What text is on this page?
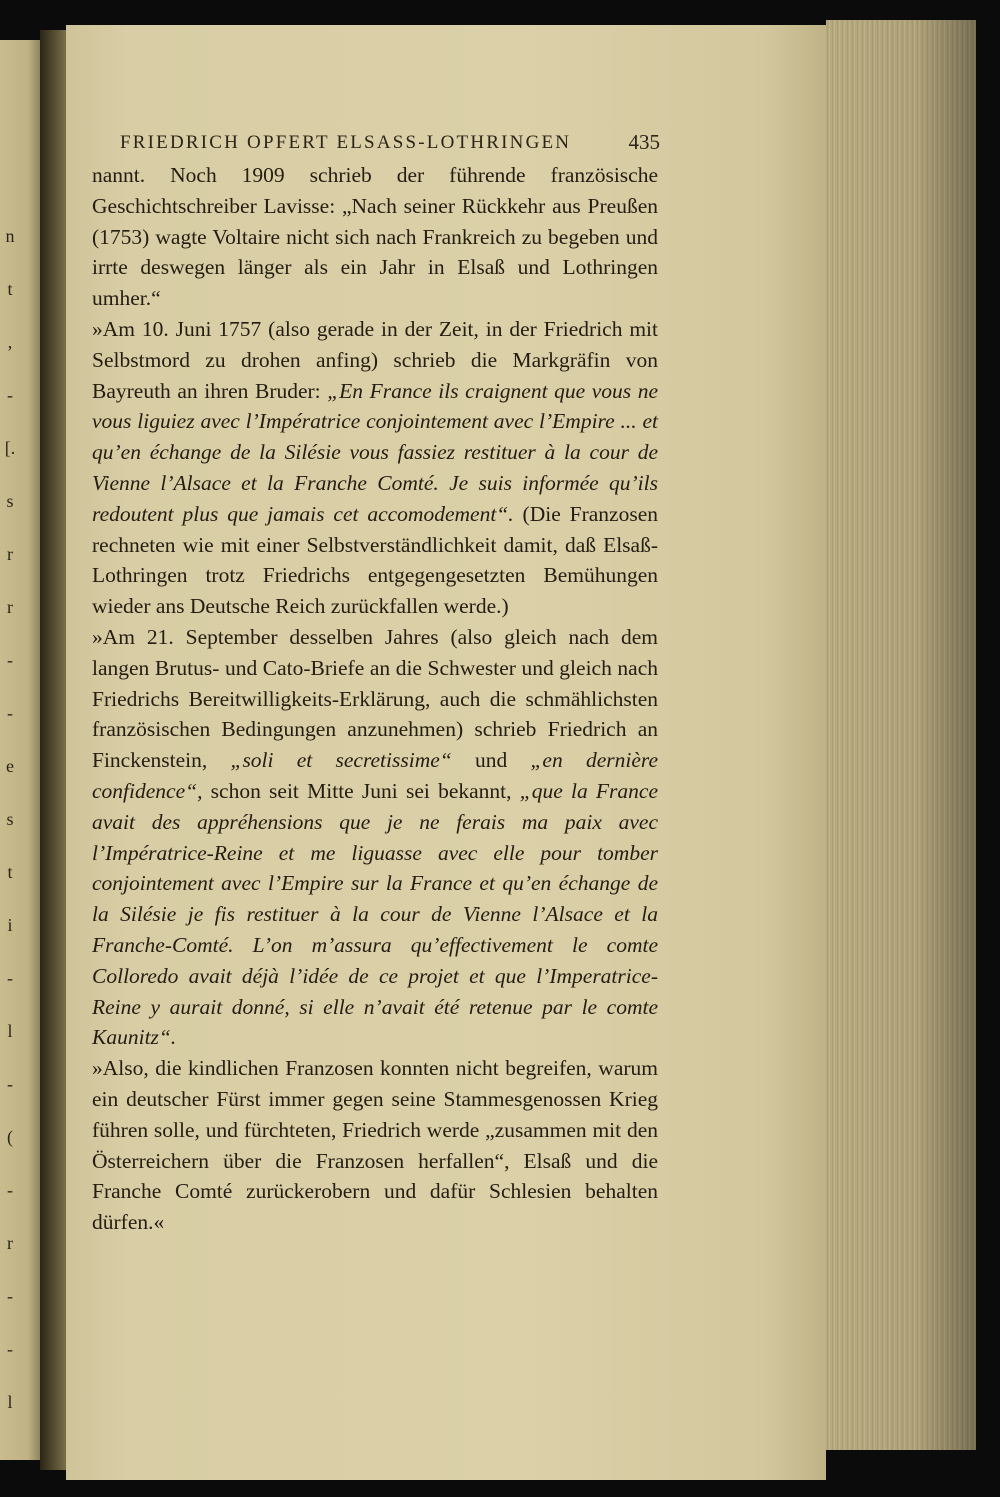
n
t
,
-
[.
s
r
r
-
-
e
s
t
i
-
l
-
(
-
r
-
-
l
FRIEDRICH OPFERT ELSASS-LOTHRINGEN	435

nannt. Noch 1909 schrieb der führende französische Geschichtschreiber Lavisse: „Nach seiner Rückkehr aus Preußen (1753) wagte Voltaire nicht sich nach Frankreich zu begeben und irrte deswegen länger als ein Jahr in Elsaß und Lothringen umher.“

»Am 10. Juni 1757 (also gerade in der Zeit, in der Friedrich mit Selbstmord zu drohen anfing) schrieb die Markgräfin von Bayreuth an ihren Bruder: „En France ils craignent que vous ne vous liguiez avec l’Impératrice conjointement avec l’Empire ... et qu’en échange de la Silésie vous fassiez restituer à la cour de Vienne l’Alsace et la Franche Comté. Je suis informée qu’ils redoutent plus que jamais cet accomodement“. (Die Franzosen rechneten wie mit einer Selbstverständlichkeit damit, daß Elsaß-Lothringen trotz Friedrichs entgegengesetzten Bemühungen wieder ans Deutsche Reich zurückfallen werde.)

»Am 21. September desselben Jahres (also gleich nach dem langen Brutus- und Cato-Briefe an die Schwester und gleich nach Friedrichs Bereitwilligkeits-Erklärung, auch die schmählichsten französischen Bedingungen anzunehmen) schrieb Friedrich an Finckenstein, „soli et secretissime“ und „en dernière confidence“, schon seit Mitte Juni sei bekannt, „que la France avait des appréhensions que je ne ferais ma paix avec l’Impératrice-Reine et me liguasse avec elle pour tomber conjointement avec l’Empire sur la France et qu’en échange de la Silésie je fis restituer à la cour de Vienne l’Alsace et la Franche-Comté. L’on m’assura qu’effectivement le comte Colloredo avait déjà l’idée de ce projet et que l’Imperatrice-Reine y aurait donné, si elle n’avait été retenue par le comte Kaunitz“.

»Also, die kindlichen Franzosen konnten nicht begreifen, warum ein deutscher Fürst immer gegen seine Stammesgenossen Krieg führen solle, und fürchteten, Friedrich werde „zusammen mit den Österreichern über die Franzosen herfallen“, Elsaß und die Franche Comté zurückerobern und dafür Schlesien behalten dürfen.«
